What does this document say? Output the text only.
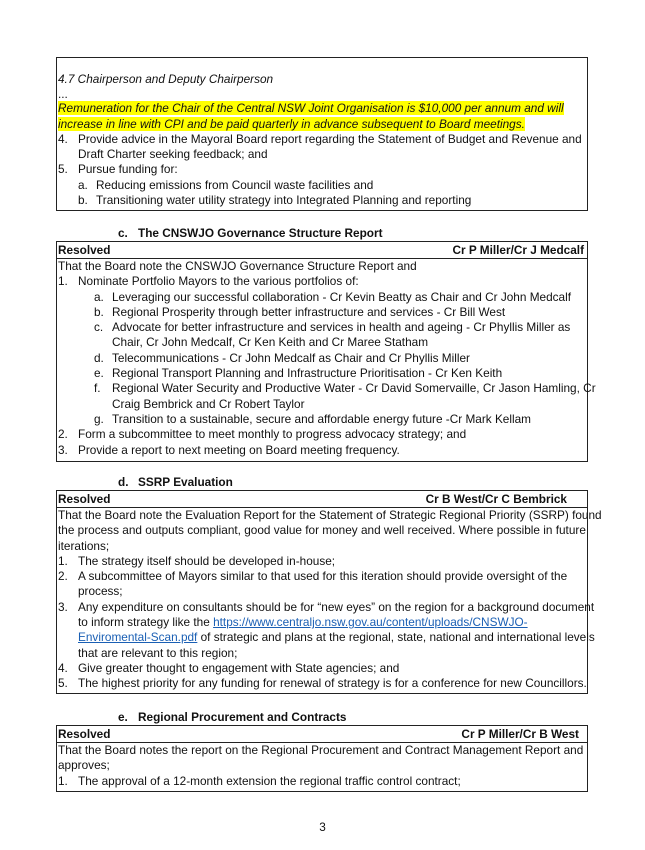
4.7 Chairperson and Deputy Chairperson
...
Remuneration for the Chair of the Central NSW Joint Organisation is $10,000 per annum and will
increase in line with CPI and be paid quarterly in advance subsequent to Board meetings.
4. Provide advice in the Mayoral Board report regarding the Statement of Budget and Revenue and
Draft Charter seeking feedback; and
5. Pursue funding for:
a. Reducing emissions from Council waste facilities and
b. Transitioning water utility strategy into Integrated Planning and reporting
c. The CNSWJO Governance Structure Report
Resolved	Cr P Miller/Cr J Medcalf
That the Board note the CNSWJO Governance Structure Report and
1. Nominate Portfolio Mayors to the various portfolios of:
a. Leveraging our successful collaboration - Cr Kevin Beatty as Chair and Cr John Medcalf
b. Regional Prosperity through better infrastructure and services - Cr Bill West
c. Advocate for better infrastructure and services in health and ageing - Cr Phyllis Miller as
Chair, Cr John Medcalf, Cr Ken Keith and Cr Maree Statham
d. Telecommunications - Cr John Medcalf as Chair and Cr Phyllis Miller
e. Regional Transport Planning and Infrastructure Prioritisation - Cr Ken Keith
f. Regional Water Security and Productive Water - Cr David Somervaille, Cr Jason Hamling, Cr
Craig Bembrick and Cr Robert Taylor
g. Transition to a sustainable, secure and affordable energy future -Cr Mark Kellam
2. Form a subcommittee to meet monthly to progress advocacy strategy; and
3. Provide a report to next meeting on Board meeting frequency.
d. SSRP Evaluation
Resolved	Cr B West/Cr C Bembrick
That the Board note the Evaluation Report for the Statement of Strategic Regional Priority (SSRP) found
the process and outputs compliant, good value for money and well received. Where possible in future
iterations;
1. The strategy itself should be developed in-house;
2. A subcommittee of Mayors similar to that used for this iteration should provide oversight of the
process;
3. Any expenditure on consultants should be for “new eyes” on the region for a background document
to inform strategy like the https://www.centraljo.nsw.gov.au/content/uploads/CNSWJO-
Enviromental-Scan.pdf of strategic and plans at the regional, state, national and international levels
that are relevant to this region;
4. Give greater thought to engagement with State agencies; and
5. The highest priority for any funding for renewal of strategy is for a conference for new Councillors.
e. Regional Procurement and Contracts
Resolved	Cr P Miller/Cr B West
That the Board notes the report on the Regional Procurement and Contract Management Report and
approves;
1. The approval of a 12-month extension the regional traffic control contract;
3
